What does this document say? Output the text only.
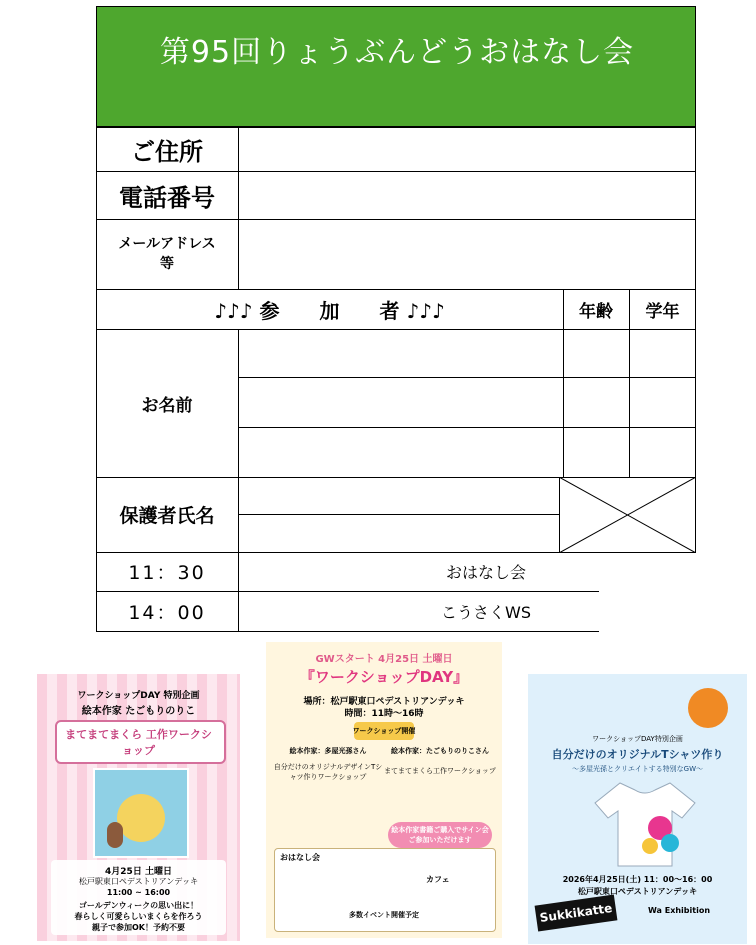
第95回りょうぶんどうおはなし会
ご住所
電話番号
メールアドレス
等
♪♪♪ 参　　加　　者 ♪♪♪	年齢	学年
お名前
保護者氏名
11：30	おはなし会
14：00	こうさくWS
ワークショップDAY 特別企画
絵本作家 たごもりのりこ
まてまてまくら 工作ワークショップ
4月25日 土曜日
松戸駅東口ペデストリアンデッキ
11:00 ~ 16:00
ゴールデンウィークの思い出に！
春らしく可愛らしいまくらを作ろう
親子で参加OK！予約不要
GWスタート 4月25日 土曜日
『ワークショップDAY』
場所：松戸駅東口ペデストリアンデッキ
時間：11時～16時
ワークショップ開催
絵本作家：多屋光孫さん	絵本作家：たごもりのりこさん
自分だけのオリジナルデザインTシャツ作りワークショップ
まてまてまくら工作ワークショップ
絵本作家書籍ご購入でサイン会ご参加いただけます
おはなし会
カフェ
多数イベント開催予定
ワークショップDAY特別企画
自分だけのオリジナルTシャツ作り
～多屋光孫とクリエイトする特別なGW～
2026年4月25日(土) 11：00～16：00
松戸駅東口ペデストリアンデッキ
Sukkikatte	Wa Exhibition
